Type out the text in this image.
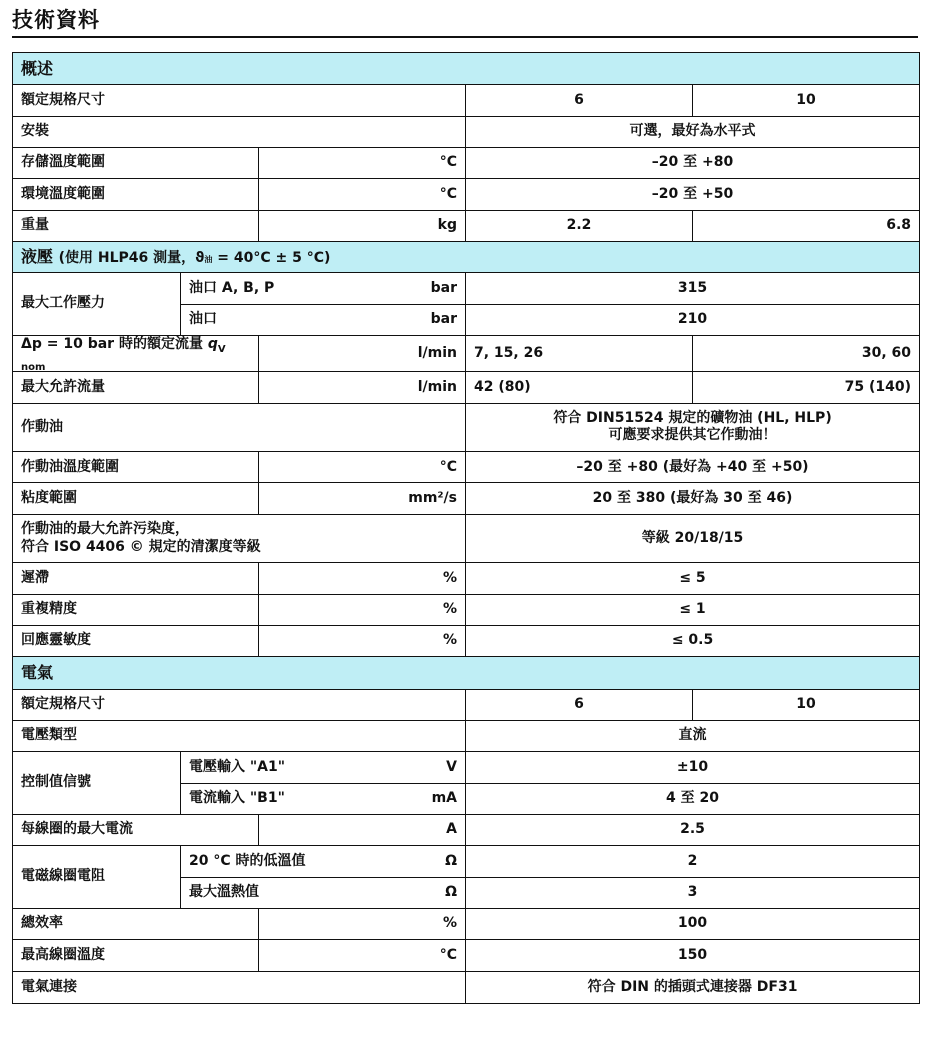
技術資料
概述				
額定規格尺寸			6	10
安裝			可選，最好為水平式	
存儲溫度範圍		°C	–20 至 +80	
環境溫度範圍		°C	–20 至 +50	
重量		kg	2.2	6.8
液壓 (使用 HLP46 測量，ϑ油 = 40°C ± 5 °C)				
最大工作壓力	油口 A, B, P bar		315	
	油口 bar		210	
Δp = 10 bar 時的額定流量 $q_{V nom}$		l/min	7, 15, 26	30, 60
最大允許流量		l/min	42 (80)	75 (140)
作動油			符合 DIN51524 規定的礦物油 (HL, HLP)
可應要求提供其它作動油！	

作動油溫度範圍		°C	–20 至 +80 (最好為 +40 至 +50)	
粘度範圍		mm²/s	20 至 380 (最好為 30 至 46)	

作動油的最大允許污染度，
符合 ISO 4406 © 規定的清潔度等級			等級 20/18/15	
遲滯		%	≤ 5	
重複精度		%	≤ 1	
回應靈敏度		%	≤ 0.5	
電氣				
額定規格尺寸			6	10
電壓類型			直流	
控制值信號	電壓輸入 "A1" V		±10	
	電流輸入 "B1" mA		4 至 20	
每線圈的最大電流		A	2.5	
電磁線圈電阻	20 °C 時的低溫值 Ω		2	
	最大溫熱值 Ω		3	
總效率		%	100	
最高線圈溫度		°C	150	
電氣連接			符合 DIN 的插頭式連接器 DF31	
